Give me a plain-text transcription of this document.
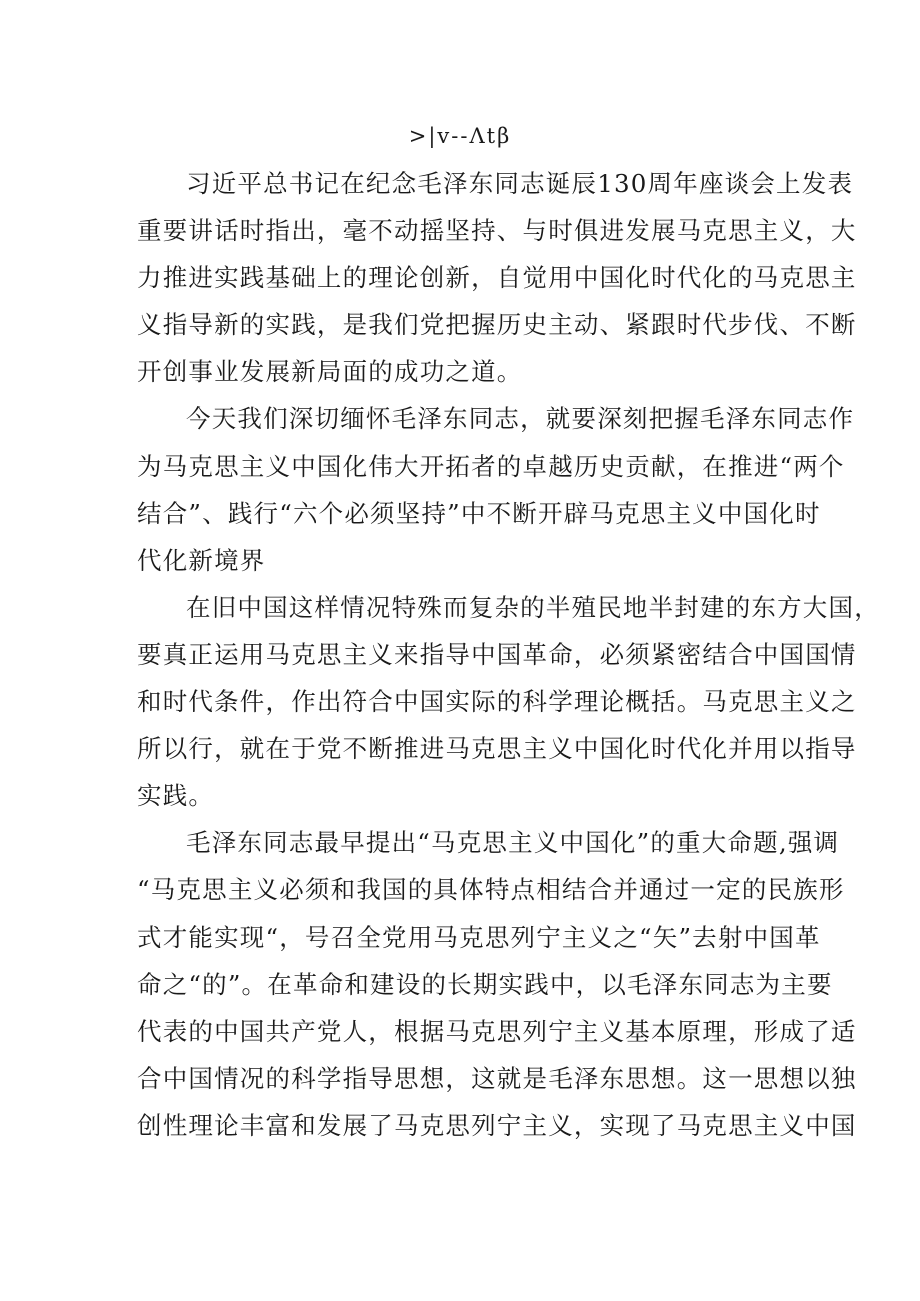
>|v--Λtβ

习近平总书记在纪念毛泽东同志诞辰130周年座谈会上发表
重要讲话时指出，毫不动摇坚持、与时俱进发展马克思主义，大
力推进实践基础上的理论创新，自觉用中国化时代化的马克思主
义指导新的实践，是我们党把握历史主动、紧跟时代步伐、不断
开创事业发展新局面的成功之道。

今天我们深切缅怀毛泽东同志，就要深刻把握毛泽东同志作
为马克思主义中国化伟大开拓者的卓越历史贡献，在推进“两个
结合”、践行“六个必须坚持”中不断开辟马克思主义中国化时
代化新境界

在旧中国这样情况特殊而复杂的半殖民地半封建的东方大国，
要真正运用马克思主义来指导中国革命，必须紧密结合中国国情
和时代条件，作出符合中国实际的科学理论概括。马克思主义之
所以行，就在于党不断推进马克思主义中国化时代化并用以指导
实践。

毛泽东同志最早提出“马克思主义中国化”的重大命题,强调
“马克思主义必须和我国的具体特点相结合并通过一定的民族形
式才能实现“，号召全党用马克思列宁主义之“矢”去射中国革
命之“的”。在革命和建设的长期实践中，以毛泽东同志为主要
代表的中国共产党人，根据马克思列宁主义基本原理，形成了适
合中国情况的科学指导思想，这就是毛泽东思想。这一思想以独
创性理论丰富和发展了马克思列宁主义，实现了马克思主义中国
